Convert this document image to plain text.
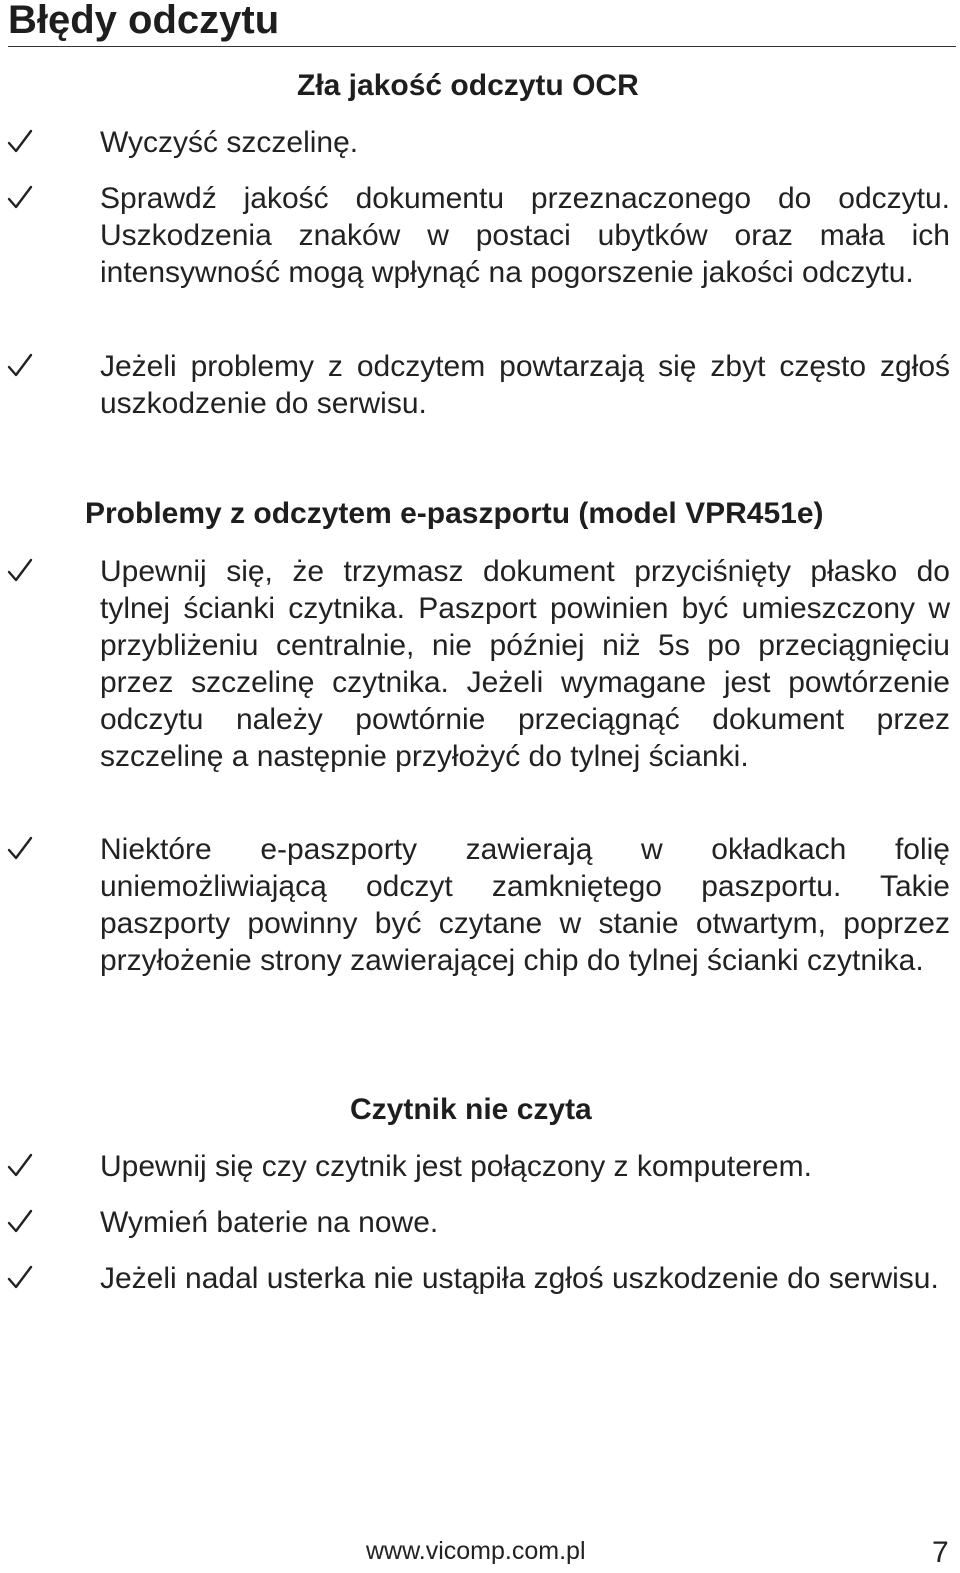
Błędy odczytu
Zła jakość odczytu OCR

Wyczyść szczelinę.

Sprawdź jakość dokumentu przeznaczonego do odczytu. Uszkodzenia znaków w postaci ubytków oraz mała ich intensywność mogą wpłynąć na pogorszenie jakości odczytu.

Jeżeli problemy z odczytem powtarzają się zbyt często zgłoś uszkodzenie do serwisu.

Problemy z odczytem e-paszportu (model VPR451e)

Upewnij się, że trzymasz dokument przyciśnięty płasko do tylnej ścianki czytnika. Paszport powinien być umieszczony w przybliżeniu centralnie, nie później niż 5s po przeciągnięciu przez szczelinę czytnika. Jeżeli wymagane jest powtórzenie odczytu należy powtórnie przeciągnąć dokument przez szczelinę a następnie przyłożyć do tylnej ścianki.

Niektóre e-paszporty zawierają w okładkach folię uniemożliwiającą odczyt zamkniętego paszportu. Takie paszporty powinny być czytane w stanie otwartym, poprzez przyłożenie strony zawierającej chip do tylnej ścianki czytnika.

Czytnik nie czyta

Upewnij się czy czytnik jest połączony z komputerem.

Wymień baterie na nowe.

Jeżeli nadal usterka nie ustąpiła zgłoś uszkodzenie do serwisu.

www.vicomp.com.pl	7
